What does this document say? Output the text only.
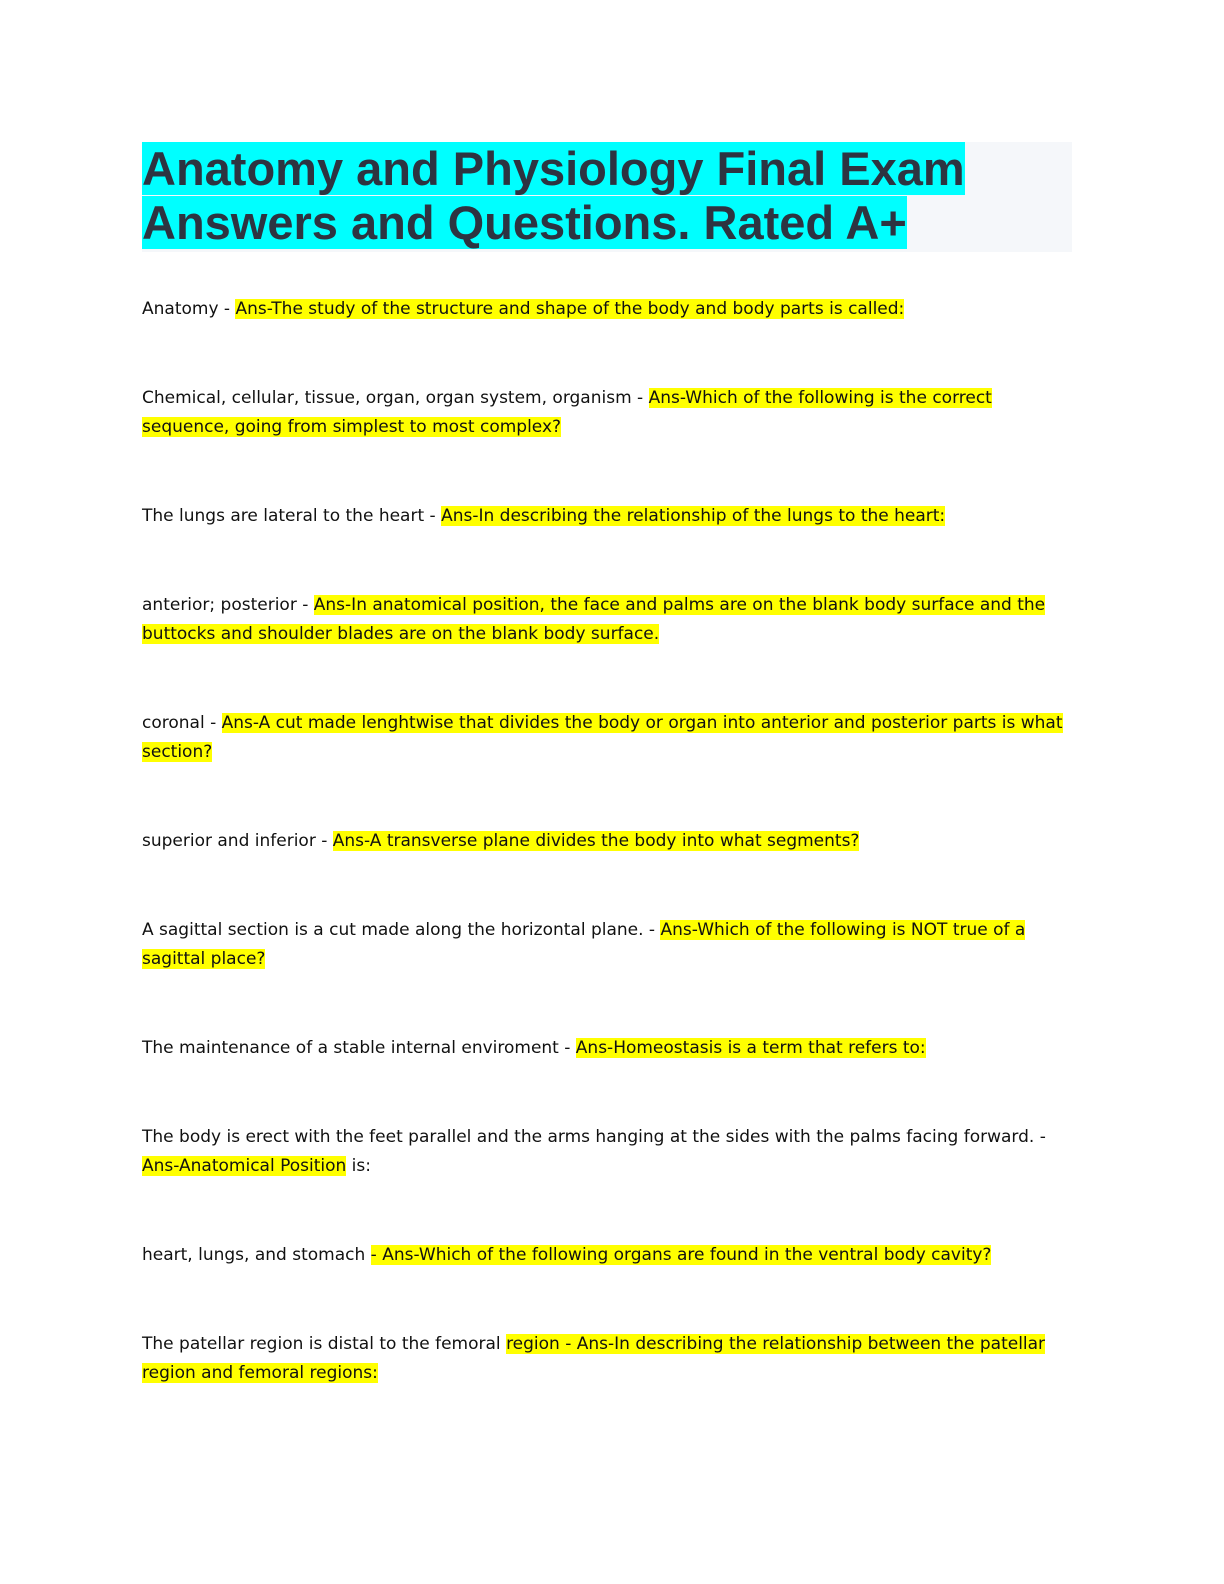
Anatomy and Physiology Final Exam
Answers and Questions. Rated A+

Anatomy - Ans-The study of the structure and shape of the body and body parts is called:

Chemical, cellular, tissue, organ, organ system, organism - Ans-Which of the following is the correct sequence, going from simplest to most complex?

The lungs are lateral to the heart - Ans-In describing the relationship of the lungs to the heart:

anterior; posterior - Ans-In anatomical position, the face and palms are on the blank body surface and the buttocks and shoulder blades are on the blank body surface.

coronal - Ans-A cut made lenghtwise that divides the body or organ into anterior and posterior parts is what section?

superior and inferior - Ans-A transverse plane divides the body into what segments?

A sagittal section is a cut made along the horizontal plane. - Ans-Which of the following is NOT true of a sagittal place?

The maintenance of a stable internal enviroment - Ans-Homeostasis is a term that refers to:

The body is erect with the feet parallel and the arms hanging at the sides with the palms facing forward. - Ans-Anatomical Position is:

heart, lungs, and stomach - Ans-Which of the following organs are found in the ventral body cavity?

The patellar region is distal to the femoral region - Ans-In describing the relationship between the patellar region and femoral regions:
